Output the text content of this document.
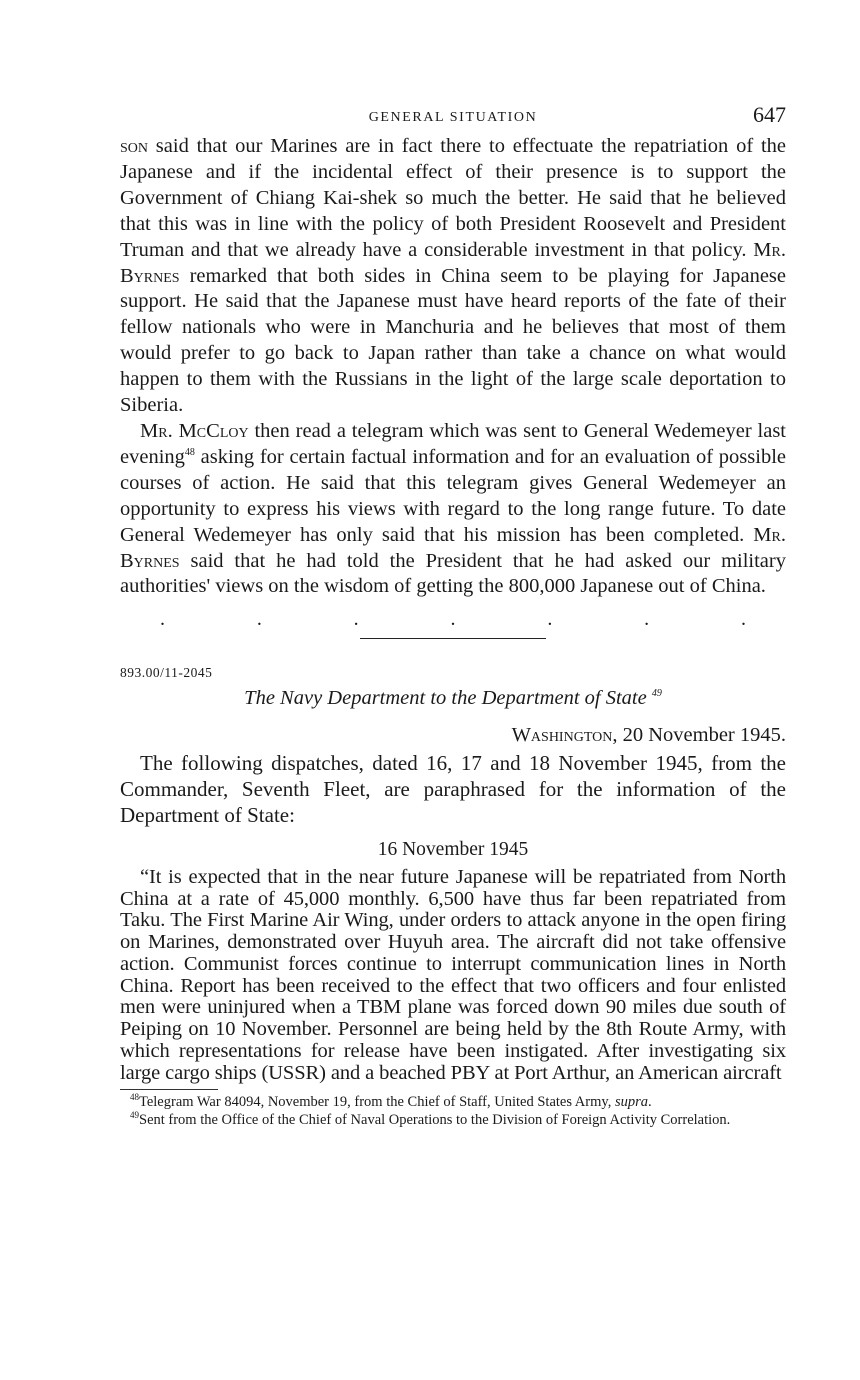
GENERAL SITUATION	647

son said that our Marines are in fact there to effectuate the repatriation of the Japanese and if the incidental effect of their presence is to support the Government of Chiang Kai-shek so much the better. He said that he believed that this was in line with the policy of both President Roosevelt and President Truman and that we already have a considerable investment in that policy. Mr. Byrnes remarked that both sides in China seem to be playing for Japanese support. He said that the Japanese must have heard reports of the fate of their fellow nationals who were in Manchuria and he believes that most of them would prefer to go back to Japan rather than take a chance on what would happen to them with the Russians in the light of the large scale deportation to Siberia.

Mr. McCloy then read a telegram which was sent to General Wedemeyer last evening$^{48}$ asking for certain factual information and for an evaluation of possible courses of action. He said that this telegram gives General Wedemeyer an opportunity to express his views with regard to the long range future. To date General Wedemeyer has only said that his mission has been completed. Mr. Byrnes said that he had told the President that he had asked our military authorities' views on the wisdom of getting the 800,000 Japanese out of China.

.	.	.	.	.	.	.
893.00/11-2045
The Navy Department to the Department of State $^{49}$
Washington, 20 November 1945.

The following dispatches, dated 16, 17 and 18 November 1945, from the Commander, Seventh Fleet, are paraphrased for the information of the Department of State:

16 November 1945

“It is expected that in the near future Japanese will be repatriated from North China at a rate of 45,000 monthly. 6,500 have thus far been repatriated from Taku. The First Marine Air Wing, under orders to attack anyone in the open firing on Marines, demonstrated over Huyuh area. The aircraft did not take offensive action. Communist forces continue to interrupt communication lines in North China. Report has been received to the effect that two officers and four enlisted men were uninjured when a TBM plane was forced down 90 miles due south of Peiping on 10 November. Personnel are being held by the 8th Route Army, with which representations for release have been instigated. After investigating six large cargo ships (USSR) and a beached PBY at Port Arthur, an American aircraft

$^{48}$Telegram War 84094, November 19, from the Chief of Staff, United States Army, supra.

$^{49}$Sent from the Office of the Chief of Naval Operations to the Division of Foreign Activity Correlation.
